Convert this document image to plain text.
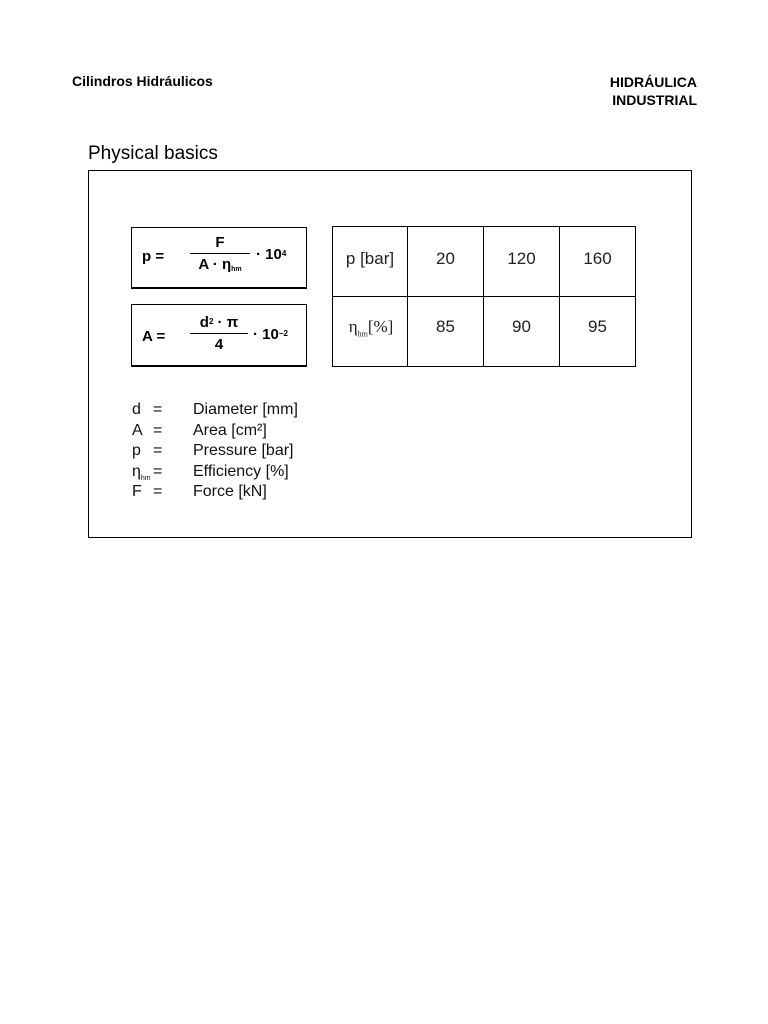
Cilindros Hidráulicos	HIDRÁULICA
INDUSTRIAL
Physical basics
p =
F
$A \cdot \eta_{hm}$
· $10^4$
A =
$d^2 \cdot \pi$
4
· $10^{-2}$
p [bar]	20	120	160
$\eta_{hm}[\%]$	85	90	95
d = Diameter [mm]
A = Area [cm²]
p = Pressure [bar]
$\eta_{hm}$ = Efficiency [%]
F = Force [kN]
